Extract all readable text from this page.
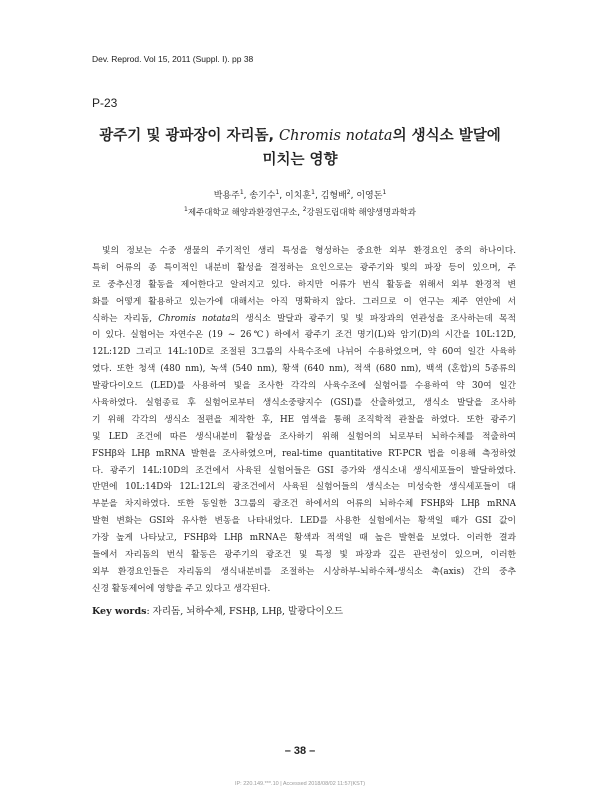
Dev. Reprod. Vol 15, 2011 (Suppl. I). pp 38
P-23
광주기 및 광파장이 자리돔, Chromis notata의 생식소 발달에
미치는 영향
박용주$^1$, 송기수$^1$, 이치훈$^1$, 김형배$^2$, 이영돈$^1$
$^1$제주대학교 해양과환경연구소, $^2$강원도립대학 해양생명과학과
빛의 정보는 수중 생물의 주기적인 생리 특성을 형성하는 중요한 외부 환경요인 중의 하나이다.
특히 어류의 종 특이적인 내분비 활성을 결정하는 요인으로는 광주기와 빛의 파장 등이 있으며, 주
로 중추신경 활동을 제어한다고 알려지고 있다. 하지만 어류가 번식 활동을 위해서 외부 환경적 변
화를 어떻게 활용하고 있는가에 대해서는 아직 명확하지 않다. 그러므로 이 연구는 제주 연안에 서
식하는 자리돔, Chromis notata의 생식소 발달과 광주기 및 빛 파장과의 연관성을 조사하는데 목적
이 있다. 실험어는 자연수온 (19 ~ 26℃) 하에서 광주기 조건 명기(L)와 암기(D)의 시간을 10L:12D,
12L:12D 그리고 14L:10D로 조절된 3그룹의 사육수조에 나뉘어 수용하였으며, 약 60여 일간 사육하
였다. 또한 청색 (480 nm), 녹색 (540 nm), 황색 (640 nm), 적색 (680 nm), 백색 (혼합)의 5종류의
발광다이오드 (LED)를 사용하여 빛을 조사한 각각의 사육수조에 실험어를 수용하여 약 30여 일간
사육하였다. 실험종료 후 실험어로부터 생식소중량지수 (GSI)를 산출하였고, 생식소 발달을 조사하
기 위해 각각의 생식소 절편을 제작한 후, HE 염색을 통해 조직학적 관찰을 하였다. 또한 광주기
및 LED 조건에 따른 생식내분비 활성을 조사하기 위해 실험어의 뇌로부터 뇌하수체를 적출하여
FSHβ와 LHβ mRNA 발현을 조사하였으며, real-time quantitative RT-PCR 법을 이용해 측정하였
다. 광주기 14L:10D의 조건에서 사육된 실험어들은 GSI 증가와 생식소내 생식세포들이 발달하였다.
반면에 10L:14D와 12L:12L의 광조건에서 사육된 실험어들의 생식소는 미성숙한 생식세포들이 대
부분을 차지하였다. 또한 동일한 3그룹의 광조건 하에서의 어류의 뇌하수체 FSHβ와 LHβ mRNA
발현 변화는 GSI와 유사한 변동을 나타내었다. LED를 사용한 실험에서는 황색일 때가 GSI 값이
가장 높게 나타났고, FSHβ와 LHβ mRNA은 황색과 적색일 때 높은 발현을 보였다. 이러한 결과
들에서 자리돔의 번식 활동은 광주기의 광조건 및 특정 빛 파장과 깊은 관련성이 있으며, 이러한
외부 환경요인들은 자리돔의 생식내분비를 조절하는 시상하부-뇌하수체-생식소 축(axis) 간의 중추
신경 활동제어에 영향을 주고 있다고 생각된다.
Key words: 자리돔, 뇌하수체, FSHβ, LHβ, 발광다이오드
– 38 –
IP: 220.149.***.10 | Accessed 2018/08/02 11:57(KST)
